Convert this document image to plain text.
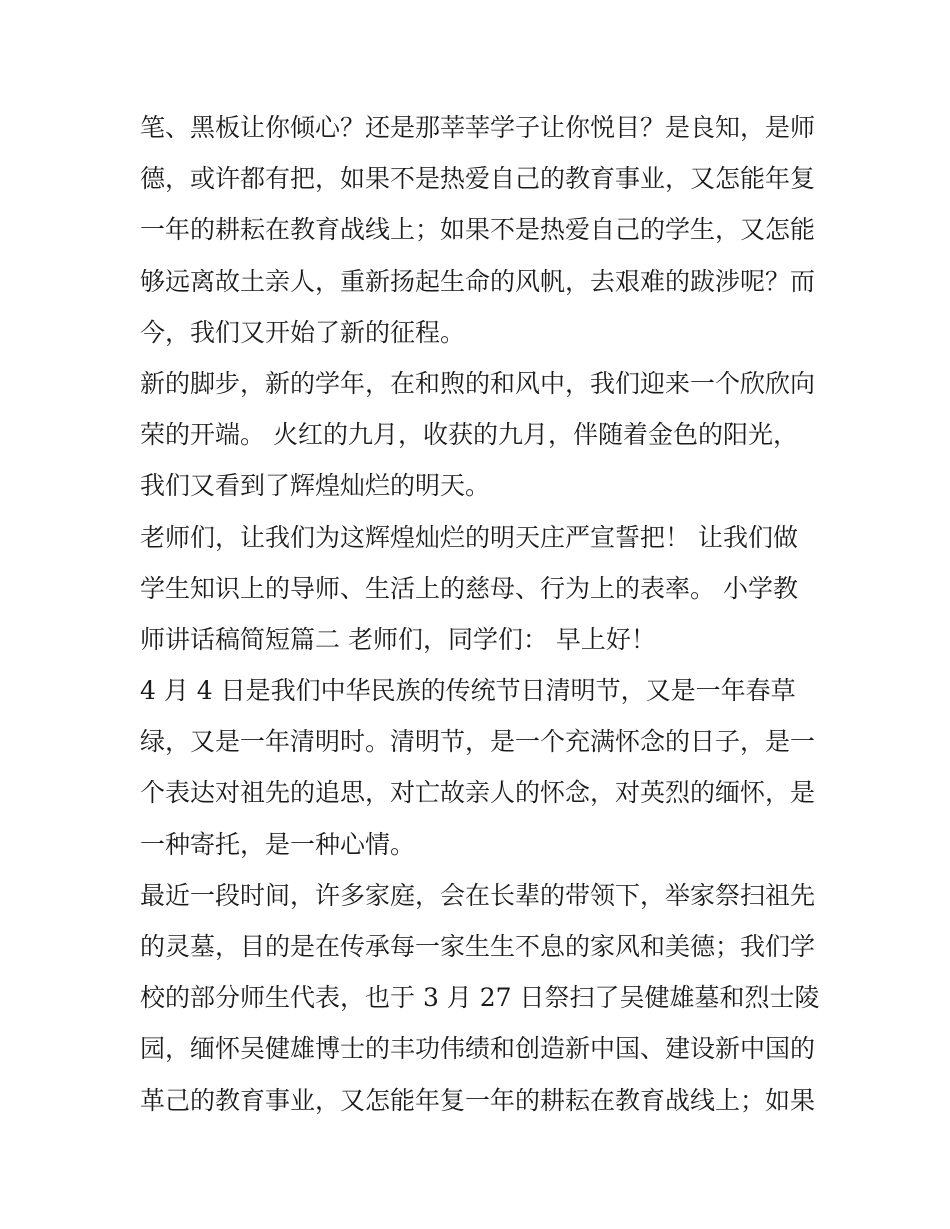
笔、黑板让你倾心？还是那莘莘学子让你悦目？是良知，是师
德，或许都有把，如果不是热爱自己的教育事业，又怎能年复
一年的耕耘在教育战线上；如果不是热爱自己的学生，又怎能
够远离故土亲人，重新扬起生命的风帆，去艰难的跋涉呢？而
今，我们又开始了新的征程。
新的脚步，新的学年，在和煦的和风中，我们迎来一个欣欣向
荣的开端。 火红的九月，收获的九月，伴随着金色的阳光，
我们又看到了辉煌灿烂的明天。
老师们，让我们为这辉煌灿烂的明天庄严宣誓把！ 让我们做
学生知识上的导师、生活上的慈母、行为上的表率。 小学教
师讲话稿简短篇二 老师们，同学们： 早上好！
4 月 4 日是我们中华民族的传统节日清明节，又是一年春草
绿，又是一年清明时。清明节，是一个充满怀念的日子，是一
个表达对祖先的追思，对亡故亲人的怀念，对英烈的缅怀，是
一种寄托，是一种心情。
最近一段时间，许多家庭，会在长辈的带领下，举家祭扫祖先
的灵墓，目的是在传承每一家生生不息的家风和美德；我们学
校的部分师生代表，也于 3 月 27 日祭扫了吴健雄墓和烈士陵
园，缅怀吴健雄博士的丰功伟绩和创造新中国、建设新中国的
革己的教育事业，又怎能年复一年的耕耘在教育战线上；如果
